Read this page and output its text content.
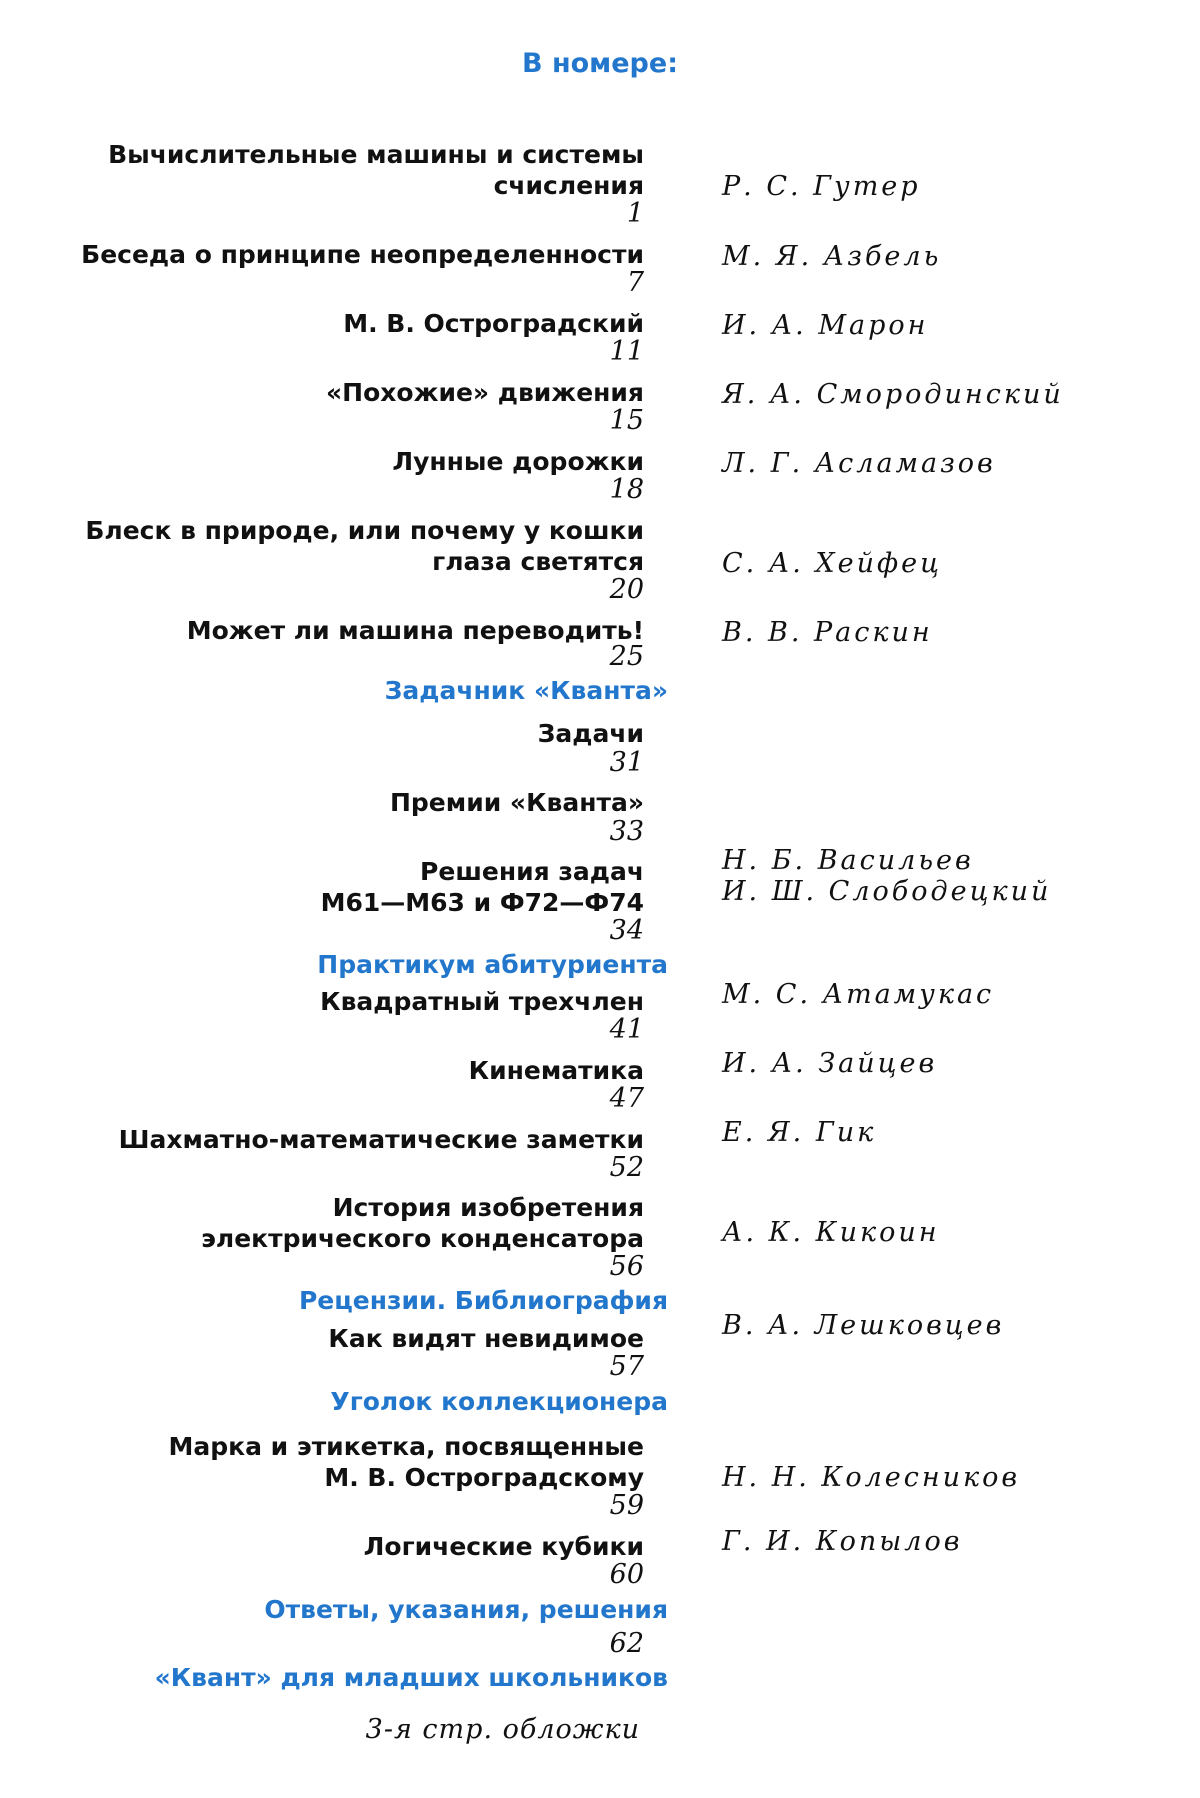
В номере:
Вычислительные машины и системы
счисления
1
Р. С. Гутер
Беседа о принципе неопределенности
7
М. Я. Азбель
М. В. Остроградский
11
И. А. Марон
«Похожие» движения
15
Я. А. Смородинский
Лунные дорожки
18
Л. Г. Асламазов
Блеск в природе, или почему у кошки
глаза светятся
20
С. А. Хейфец
Может ли машина переводить!
25
В. В. Раскин
Задачник «Кванта»
Задачи
31
Премии «Кванта»
33
Решения задач
М61—М63 и Ф72—Ф74
34
Н. Б. Васильев
И. Ш. Слободецкий
Практикум абитуриента
Квадратный трехчлен
41
М. С. Атамукас
Кинематика
47
И. А. Зайцев
Шахматно-математические заметки
52
Е. Я. Гик
История изобретения
электрического конденсатора
56
А. К. Кикоин
Рецензии. Библиография
Как видят невидимое
57
В. А. Лешковцев
Уголок коллекционера
Марка и этикетка, посвященные
М. В. Остроградскому
59
Н. Н. Колесников
Логические кубики
60
Г. И. Копылов
Ответы, указания, решения
62
«Квант» для младших школьников
3-я стр. обложки
